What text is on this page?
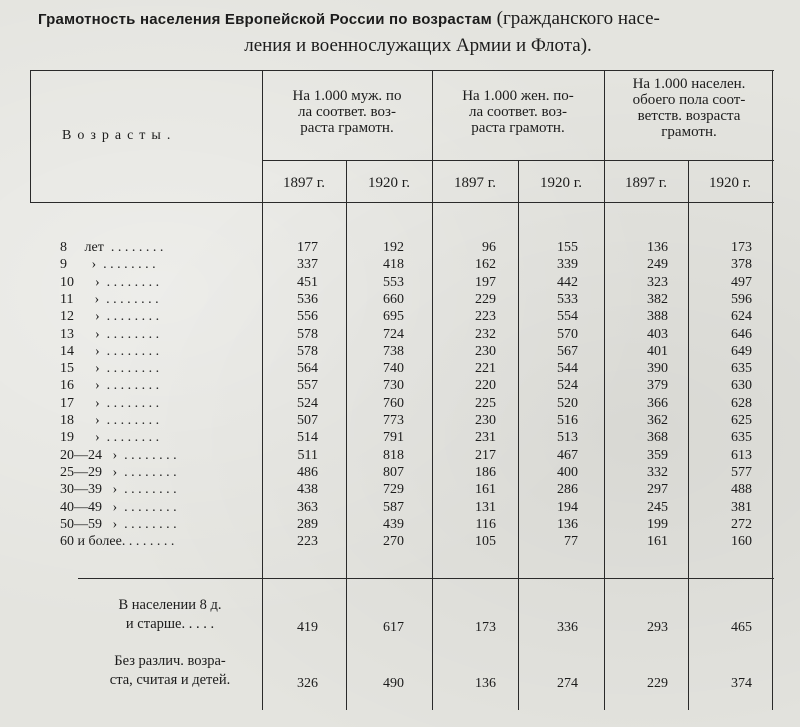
Грамотность населения Европейской России по возрастам (гражданского насе-
ления и военнослужащих Армии и Флота).
Возрасты.
На 1.000 муж. по
ла соответ. воз-
раста грамотн.
На 1.000 жен. по-
ла соответ. воз-
раста грамотн.
На 1.000 населен.
обоего пола соот-
ветств. возраста
грамотн.
1897 г.	1920 г.	1897 г.	1920 г.	1897 г.	1920 г.
8     лет  . . . . . . . .	177	192	96	155	136	173
9       ›  . . . . . . . .	337	418	162	339	249	378
10      ›  . . . . . . . .	451	553	197	442	323	497
11      ›  . . . . . . . .	536	660	229	533	382	596
12      ›  . . . . . . . .	556	695	223	554	388	624
13      ›  . . . . . . . .	578	724	232	570	403	646
14      ›  . . . . . . . .	578	738	230	567	401	649
15      ›  . . . . . . . .	564	740	221	544	390	635
16      ›  . . . . . . . .	557	730	220	524	379	630
17      ›  . . . . . . . .	524	760	225	520	366	628
18      ›  . . . . . . . .	507	773	230	516	362	625
19      ›  . . . . . . . .	514	791	231	513	368	635
20—24   ›  . . . . . . . .	511	818	217	467	359	613
25—29   ›  . . . . . . . .	486	807	186	400	332	577
30—39   ›  . . . . . . . .	438	729	161	286	297	488
40—49   ›  . . . . . . . .	363	587	131	194	245	381
50—59   ›  . . . . . . . .	289	439	116	136	199	272
60 и более. . . . . . . .	223	270	105	77	161	160
В населении 8 д.
и старше. . . . .	419	617	173	336	293	465
Без различ. возра-
ста, считая и детей.	326	490	136	274	229	374
